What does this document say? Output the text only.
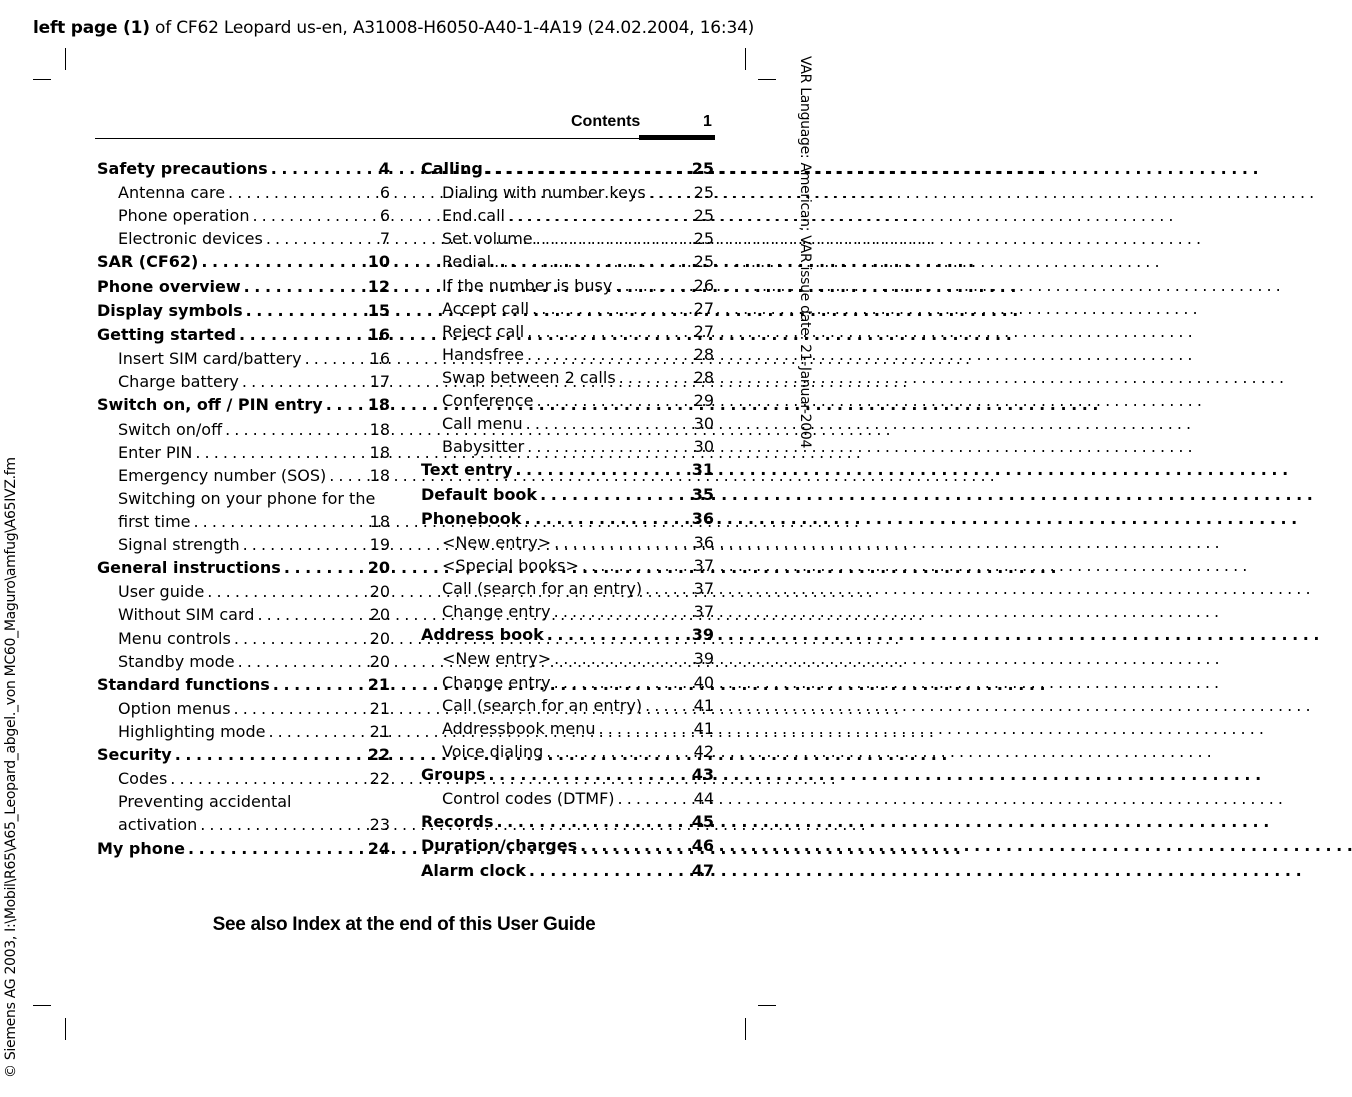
left page (1) of CF62 Leopard us-en, A31008-H6050-A40-1-4A19 (24.02.2004, 16:34)
VAR Language: American; VAR issue date: 21-Januar-2004
© Siemens AG 2003, I:\Mobil\R65\A65_Leopard_abgel._von MC60_Maguro\amfug\A65IVZ.fm
Contents	1
Safety precautions . . .	4
Antenna care . . .	6
Phone operation . . .	6
Electronic devices . . .	7
SAR (CF62) . . .	10
Phone overview . . .	12
Display symbols . . .	15
Getting started . . .	16
Insert SIM card/battery . . .	16
Charge battery . . .	17
Switch on, off / PIN entry . . .	18
Switch on/off . . .	18
Enter PIN . . .	18
Emergency number (SOS) . . .	18
Switching on your phone for the
first time . . .	18
Signal strength . . .	19
General instructions . . .	20
User guide . . .	20
Without SIM card . . .	20
Menu controls . . .	20
Standby mode . . .	20
Standard functions . . .	21
Option menus . . .	21
Highlighting mode . . .	21
Security . . .	22
Codes . . .	22
Preventing accidental
activation . . .	23
My phone . . .	24
Calling . . .	25
Dialing with number keys . . .	25
End call . . .	25
Set volume . . .	25
Redial . . .	25
If the number is busy . . .	26
Accept call . . .	27
Reject call . . .	27
Handsfree . . .	28
Swap between 2 calls . . .	28
Conference . . .	29
Call menu . . .	30
Babysitter . . .	30
Text entry . . .	31
Default book . . .	35
Phonebook . . .	36
<New entry> . . .	36
<Special books> . . .	37
Call (search for an entry) . . .	37
Change entry . . .	37
Address book . . .	39
<New entry> . . .	39
Change entry . . .	40
Call (search for an entry) . . .	41
Addressbook menu . . .	41
Voice dialing . . .	42
Groups . . .	43
Control codes (DTMF) . . .	44
Records . . .	45
Duration/charges . . .	46
Alarm clock . . .	47
See also Index at the end of this User Guide
